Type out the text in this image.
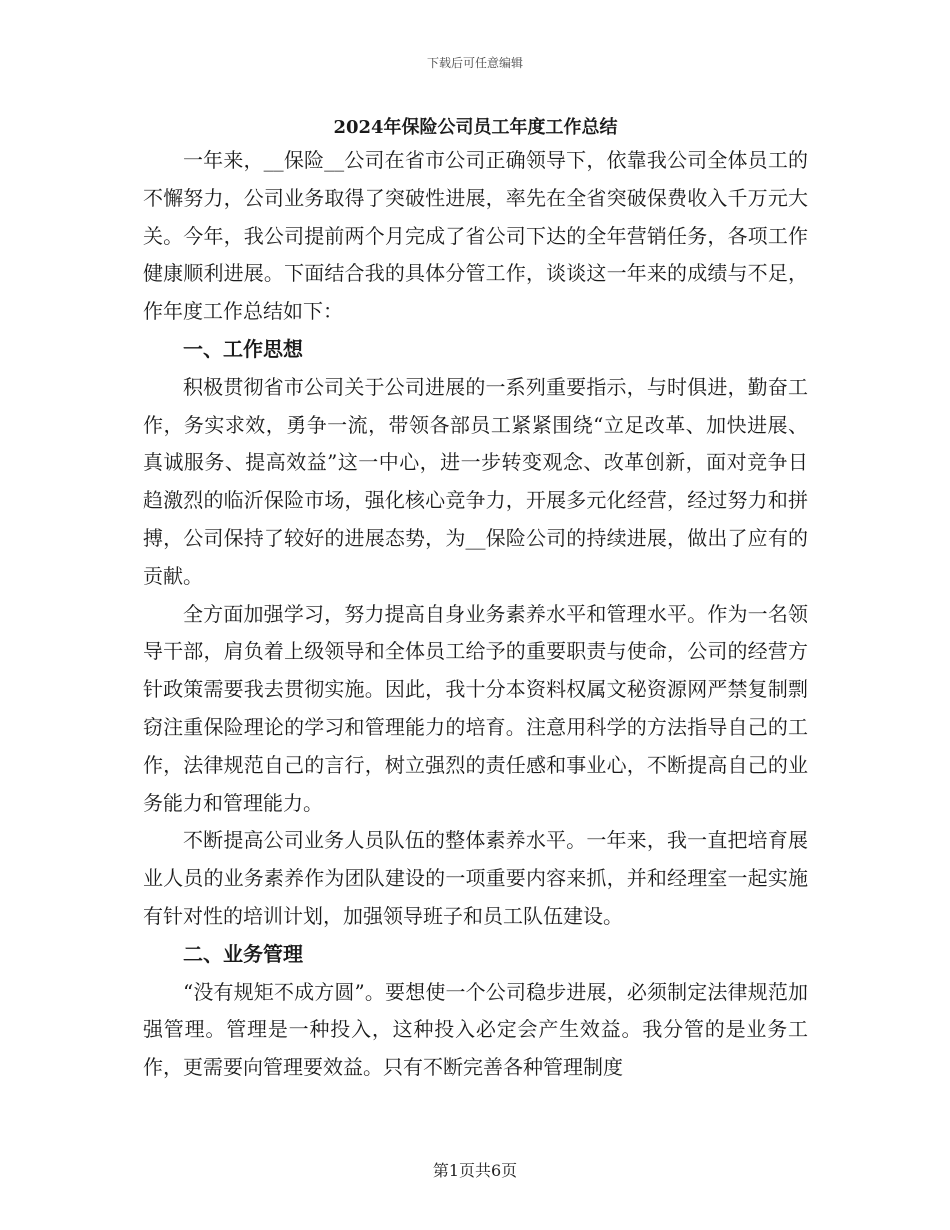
下载后可任意编辑
2024年保险公司员工年度工作总结

一年来，__保险__公司在省市公司正确领导下，依靠我公司全体员工的不懈努力，公司业务取得了突破性进展，率先在全省突破保费收入千万元大关。今年，我公司提前两个月完成了省公司下达的全年营销任务，各项工作健康顺利进展。下面结合我的具体分管工作，谈谈这一年来的成绩与不足，作年度工作总结如下：

一、工作思想

积极贯彻省市公司关于公司进展的一系列重要指示，与时俱进，勤奋工作，务实求效，勇争一流，带领各部员工紧紧围绕“立足改革、加快进展、真诚服务、提高效益”这一中心，进一步转变观念、改革创新，面对竞争日趋激烈的临沂保险市场，强化核心竞争力，开展多元化经营，经过努力和拼搏，公司保持了较好的进展态势，为__保险公司的持续进展，做出了应有的贡献。

全方面加强学习，努力提高自身业务素养水平和管理水平。作为一名领导干部，肩负着上级领导和全体员工给予的重要职责与使命，公司的经营方针政策需要我去贯彻实施。因此，我十分本资料权属文秘资源网严禁复制剽窃注重保险理论的学习和管理能力的培育。注意用科学的方法指导自己的工作，法律规范自己的言行，树立强烈的责任感和事业心，不断提高自己的业务能力和管理能力。

不断提高公司业务人员队伍的整体素养水平。一年来，我一直把培育展业人员的业务素养作为团队建设的一项重要内容来抓，并和经理室一起实施有针对性的培训计划，加强领导班子和员工队伍建设。

二、业务管理

“没有规矩不成方圆”。要想使一个公司稳步进展，必须制定法律规范加强管理。管理是一种投入，这种投入必定会产生效益。我分管的是业务工作，更需要向管理要效益。只有不断完善各种管理制度

第1页共6页
